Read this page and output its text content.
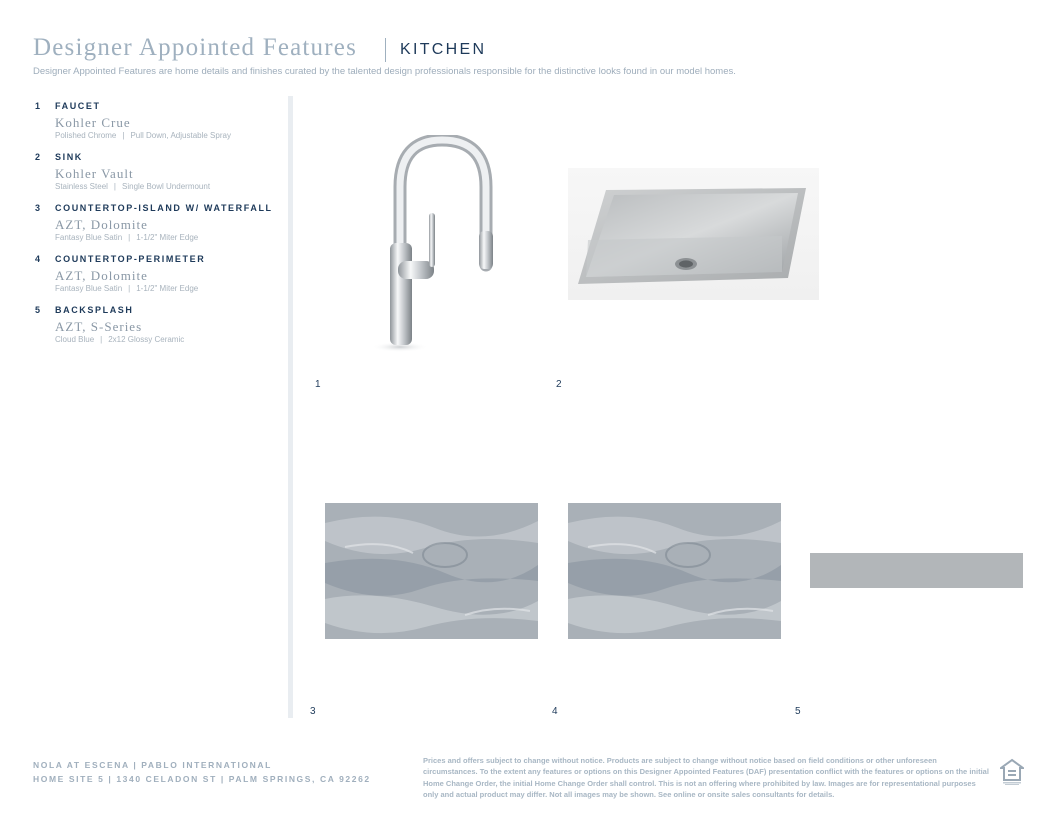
Designer Appointed Features	KITCHEN
Designer Appointed Features are home details and finishes curated by the talented design professionals responsible for the distinctive looks found in our model homes.
1 FAUCET
Kohler Crue
Polished Chrome | Pull Down, Adjustable Spray
2 SINK
Kohler Vault
Stainless Steel | Single Bowl Undermount
3 COUNTERTOP-ISLAND W/ WATERFALL
AZT, Dolomite
Fantasy Blue Satin | 1-1/2" Miter Edge
4 COUNTERTOP-PERIMETER
AZT, Dolomite
Fantasy Blue Satin | 1-1/2" Miter Edge
5 BACKSPLASH
AZT, S-Series
Cloud Blue | 2x12 Glossy Ceramic
1	2
3	4	5
NOLA AT ESCENA | PABLO INTERNATIONAL
HOME SITE 5 | 1340 CELADON ST | PALM SPRINGS, CA 92262
Prices and offers subject to change without notice. Products are subject to change without notice based on field conditions or other unforeseen circumstances. To the extent any features or options on this Designer Appointed Features (DAF) presentation conflict with the features or options on the initial Home Change Order, the initial Home Change Order shall control. This is not an offering where prohibited by law. Images are for representational purposes only and actual product may differ. Not all images may be shown. See online or onsite sales consultants for details.
